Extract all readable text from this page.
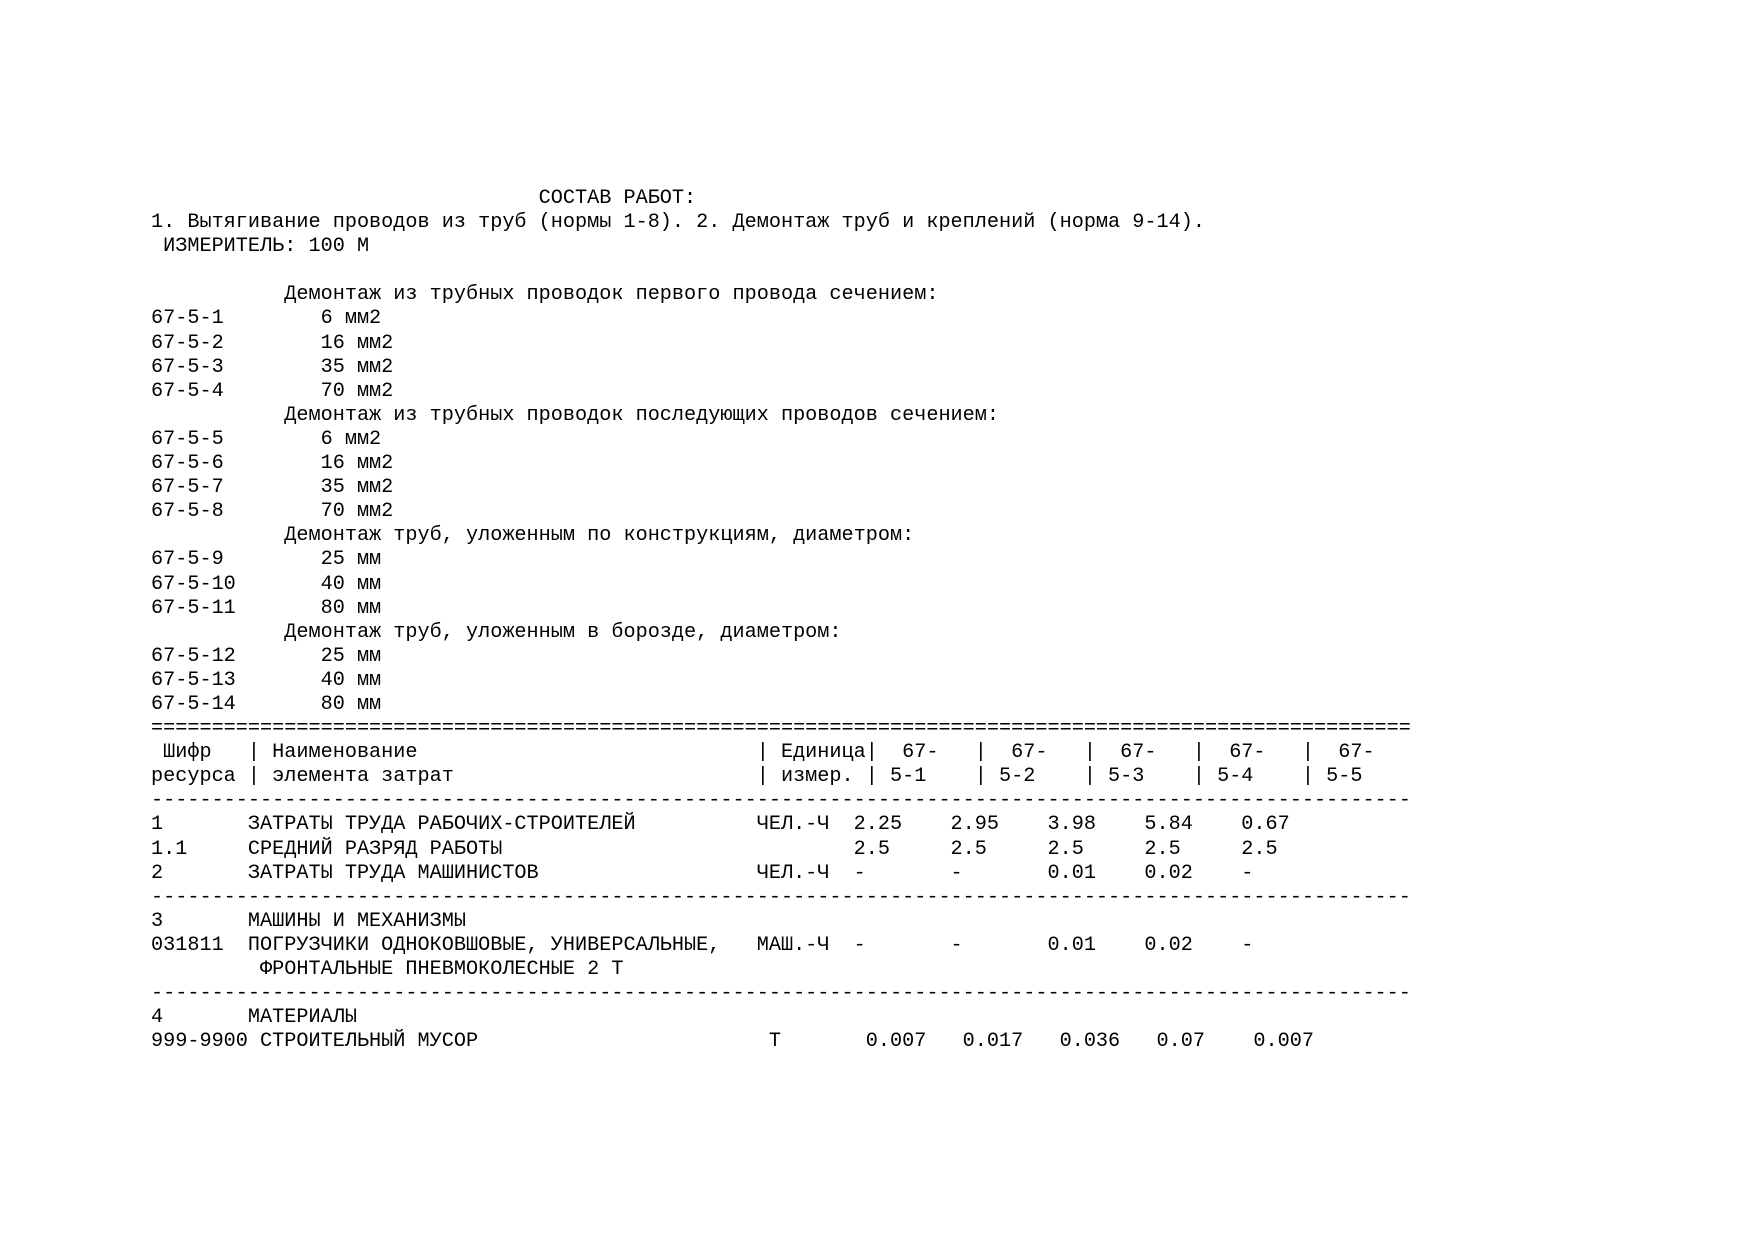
СОСТАВ РАБОТ:
1. Вытягивание проводов из труб (нормы 1-8). 2. Демонтаж труб и креплений (норма 9-14).
ИЗМЕРИТЕЛЬ: 100 М
Демонтаж из трубных проводок первого провода сечением:
67-5-1        6 мм2
67-5-2        16 мм2
67-5-3        35 мм2
67-5-4        70 мм2
Демонтаж из трубных проводок последующих проводов сечением:
67-5-5        6 мм2
67-5-6        16 мм2
67-5-7        35 мм2
67-5-8        70 мм2
Демонтаж труб, уложенным по конструкциям, диаметром:
67-5-9        25 мм
67-5-10       40 мм
67-5-11       80 мм
Демонтаж труб, уложенным в борозде, диаметром:
67-5-12       25 мм
67-5-13       40 мм
67-5-14       80 мм
========================================================================================================
Шифр   | Наименование                            | Единица|  67-   |  67-   |  67-   |  67-   |  67-
ресурса | элемента затрат                         | измер. | 5-1    | 5-2    | 5-3    | 5-4    | 5-5
--------------------------------------------------------------------------------------------------------
1       ЗАТРАТЫ ТРУДА РАБОЧИХ-СТРОИТЕЛЕЙ          ЧЕЛ.-Ч  2.25    2.95    3.98    5.84    0.67
1.1     СРЕДНИЙ РАЗРЯД РАБОТЫ                             2.5     2.5     2.5     2.5     2.5
2       ЗАТРАТЫ ТРУДА МАШИНИСТОВ                  ЧЕЛ.-Ч  -       -       0.01    0.02    -
--------------------------------------------------------------------------------------------------------
3       МАШИНЫ И МЕХАНИЗМЫ
031811  ПОГРУЗЧИКИ ОДНОКОВШОВЫЕ, УНИВЕРСАЛЬНЫЕ,   МАШ.-Ч  -       -       0.01    0.02    -
ФРОНТАЛЬНЫЕ ПНЕВМОКОЛЕСНЫЕ 2 Т
--------------------------------------------------------------------------------------------------------
4       МАТЕРИАЛЫ
999-9900 СТРОИТЕЛЬНЫЙ МУСОР                        Т       0.007   0.017   0.036   0.07    0.007
